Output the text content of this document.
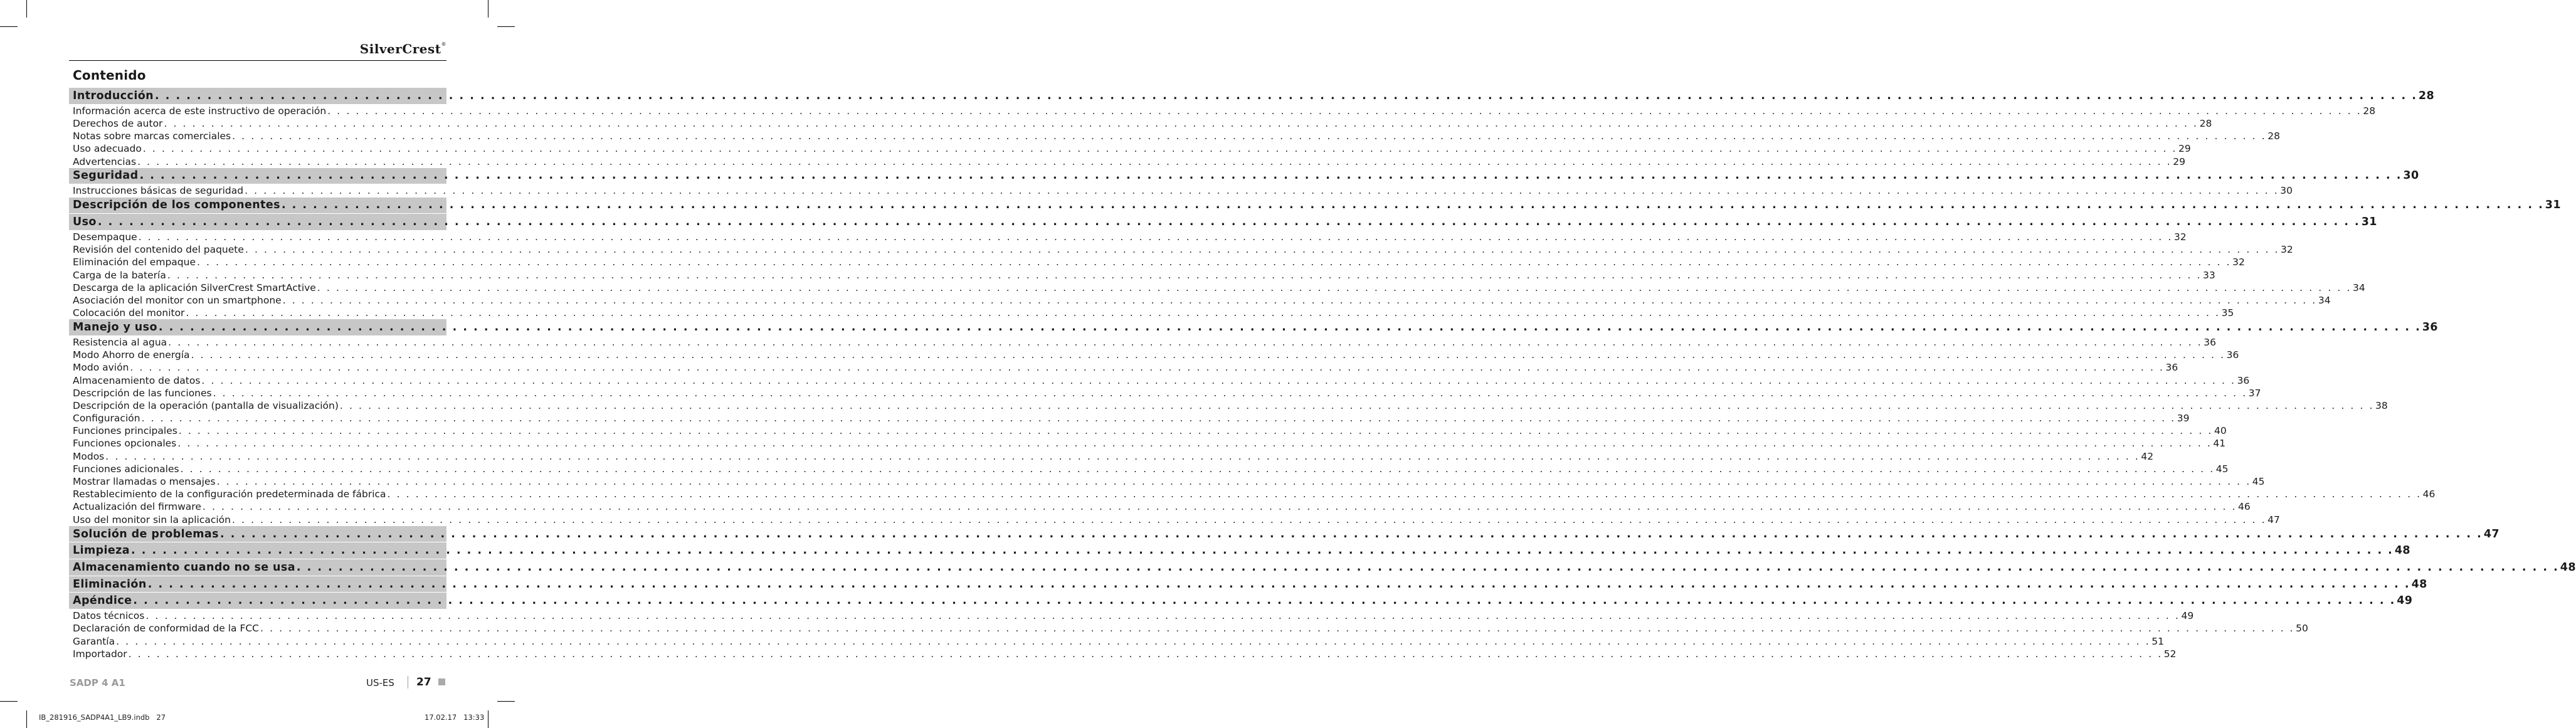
SilverCrest®
Contenido
Introducción . . . . . . . . . . . . . . . . . . . . . . . . . . . . . . . . . . . . . . . . . . . . . . . . . . . . . . . . . . . . . . . . . . . . . . . . . . . . . . . . . . . . . . . . . . . . . . . . . . . . . . . . . . . . . . . . . . . . . . . . . . . . . . . . . . . . . . . . . . . . . . . . . . . . . . . . . . . . . . . . . . . . . . . . . . . . . . . . . . . . . . . . . . . . . . . . . . . . . . . . . . . . . . . . . . . . . . . . 28
Información acerca de este instructivo de operación . . . . . . . . . . . . . . . . . . . . . . . . . . . . . . . . . . . . . . . . . . . . . . . . . . . . . . . . . . . . . . . . . . . . . . . . . . . . . . . . . . . . . . . . . . . . . . . . . . . . . . . . . . . . . . . . . . . . . . . . . . . . . . . . . . . . . . . . . . . . . . . . . . . . . . . . . . . . . . . . . . . . . . . . . . . . . . . . . . . . . . . . . . . . . . . . . . . . . . . . . . . . . . . . . . . . . . . . 28
Derechos de autor . . . . . . . . . . . . . . . . . . . . . . . . . . . . . . . . . . . . . . . . . . . . . . . . . . . . . . . . . . . . . . . . . . . . . . . . . . . . . . . . . . . . . . . . . . . . . . . . . . . . . . . . . . . . . . . . . . . . . . . . . . . . . . . . . . . . . . . . . . . . . . . . . . . . . . . . . . . . . . . . . . . . . . . . . . . . . . . . . . . . . . . . . . . . . . . . . . . . . . . . . . . . . . . . . . . . . . . . 28
Notas sobre marcas comerciales . . . . . . . . . . . . . . . . . . . . . . . . . . . . . . . . . . . . . . . . . . . . . . . . . . . . . . . . . . . . . . . . . . . . . . . . . . . . . . . . . . . . . . . . . . . . . . . . . . . . . . . . . . . . . . . . . . . . . . . . . . . . . . . . . . . . . . . . . . . . . . . . . . . . . . . . . . . . . . . . . . . . . . . . . . . . . . . . . . . . . . . . . . . . . . . . . . . . . . . . . . . . . . . . . . . . . . . . 28
Uso adecuado . . . . . . . . . . . . . . . . . . . . . . . . . . . . . . . . . . . . . . . . . . . . . . . . . . . . . . . . . . . . . . . . . . . . . . . . . . . . . . . . . . . . . . . . . . . . . . . . . . . . . . . . . . . . . . . . . . . . . . . . . . . . . . . . . . . . . . . . . . . . . . . . . . . . . . . . . . . . . . . . . . . . . . . . . . . . . . . . . . . . . . . . . . . . . . . . . . . . . . . . . . . . . . . . . . . . . . . . 29
Advertencias . . . . . . . . . . . . . . . . . . . . . . . . . . . . . . . . . . . . . . . . . . . . . . . . . . . . . . . . . . . . . . . . . . . . . . . . . . . . . . . . . . . . . . . . . . . . . . . . . . . . . . . . . . . . . . . . . . . . . . . . . . . . . . . . . . . . . . . . . . . . . . . . . . . . . . . . . . . . . . . . . . . . . . . . . . . . . . . . . . . . . . . . . . . . . . . . . . . . . . . . . . . . . . . . . . . . . . . . 29
Seguridad . . . . . . . . . . . . . . . . . . . . . . . . . . . . . . . . . . . . . . . . . . . . . . . . . . . . . . . . . . . . . . . . . . . . . . . . . . . . . . . . . . . . . . . . . . . . . . . . . . . . . . . . . . . . . . . . . . . . . . . . . . . . . . . . . . . . . . . . . . . . . . . . . . . . . . . . . . . . . . . . . . . . . . . . . . . . . . . . . . . . . . . . . . . . . . . . . . . . . . . . . . . . . . . . . . . . . . . . 30
Instrucciones básicas de seguridad . . . . . . . . . . . . . . . . . . . . . . . . . . . . . . . . . . . . . . . . . . . . . . . . . . . . . . . . . . . . . . . . . . . . . . . . . . . . . . . . . . . . . . . . . . . . . . . . . . . . . . . . . . . . . . . . . . . . . . . . . . . . . . . . . . . . . . . . . . . . . . . . . . . . . . . . . . . . . . . . . . . . . . . . . . . . . . . . . . . . . . . . . . . . . . . . . . . . . . . . . . . . . . . . . . . . . . . . 30
Descripción de los componentes . . . . . . . . . . . . . . . . . . . . . . . . . . . . . . . . . . . . . . . . . . . . . . . . . . . . . . . . . . . . . . . . . . . . . . . . . . . . . . . . . . . . . . . . . . . . . . . . . . . . . . . . . . . . . . . . . . . . . . . . . . . . . . . . . . . . . . . . . . . . . . . . . . . . . . . . . . . . . . . . . . . . . . . . . . . . . . . . . . . . . . . . . . . . . . . . . . . . . . . . . . . . . . . . . . . . . . . . 31
Uso . . . . . . . . . . . . . . . . . . . . . . . . . . . . . . . . . . . . . . . . . . . . . . . . . . . . . . . . . . . . . . . . . . . . . . . . . . . . . . . . . . . . . . . . . . . . . . . . . . . . . . . . . . . . . . . . . . . . . . . . . . . . . . . . . . . . . . . . . . . . . . . . . . . . . . . . . . . . . . . . . . . . . . . . . . . . . . . . . . . . . . . . . . . . . . . . . . . . . . . . . . . . . . . . . . . . . . . . 31
Desempaque . . . . . . . . . . . . . . . . . . . . . . . . . . . . . . . . . . . . . . . . . . . . . . . . . . . . . . . . . . . . . . . . . . . . . . . . . . . . . . . . . . . . . . . . . . . . . . . . . . . . . . . . . . . . . . . . . . . . . . . . . . . . . . . . . . . . . . . . . . . . . . . . . . . . . . . . . . . . . . . . . . . . . . . . . . . . . . . . . . . . . . . . . . . . . . . . . . . . . . . . . . . . . . . . . . . . . . . . 32
Revisión del contenido del paquete . . . . . . . . . . . . . . . . . . . . . . . . . . . . . . . . . . . . . . . . . . . . . . . . . . . . . . . . . . . . . . . . . . . . . . . . . . . . . . . . . . . . . . . . . . . . . . . . . . . . . . . . . . . . . . . . . . . . . . . . . . . . . . . . . . . . . . . . . . . . . . . . . . . . . . . . . . . . . . . . . . . . . . . . . . . . . . . . . . . . . . . . . . . . . . . . . . . . . . . . . . . . . . . . . . . . . . . . 32
Eliminación del empaque . . . . . . . . . . . . . . . . . . . . . . . . . . . . . . . . . . . . . . . . . . . . . . . . . . . . . . . . . . . . . . . . . . . . . . . . . . . . . . . . . . . . . . . . . . . . . . . . . . . . . . . . . . . . . . . . . . . . . . . . . . . . . . . . . . . . . . . . . . . . . . . . . . . . . . . . . . . . . . . . . . . . . . . . . . . . . . . . . . . . . . . . . . . . . . . . . . . . . . . . . . . . . . . . . . . . . . . . 32
Carga de la batería . . . . . . . . . . . . . . . . . . . . . . . . . . . . . . . . . . . . . . . . . . . . . . . . . . . . . . . . . . . . . . . . . . . . . . . . . . . . . . . . . . . . . . . . . . . . . . . . . . . . . . . . . . . . . . . . . . . . . . . . . . . . . . . . . . . . . . . . . . . . . . . . . . . . . . . . . . . . . . . . . . . . . . . . . . . . . . . . . . . . . . . . . . . . . . . . . . . . . . . . . . . . . . . . . . . . . . . . 33
Descarga de la aplicación SilverCrest SmartActive . . . . . . . . . . . . . . . . . . . . . . . . . . . . . . . . . . . . . . . . . . . . . . . . . . . . . . . . . . . . . . . . . . . . . . . . . . . . . . . . . . . . . . . . . . . . . . . . . . . . . . . . . . . . . . . . . . . . . . . . . . . . . . . . . . . . . . . . . . . . . . . . . . . . . . . . . . . . . . . . . . . . . . . . . . . . . . . . . . . . . . . . . . . . . . . . . . . . . . . . . . . . . . . . . . . . . . . . 34
Asociación del monitor con un smartphone . . . . . . . . . . . . . . . . . . . . . . . . . . . . . . . . . . . . . . . . . . . . . . . . . . . . . . . . . . . . . . . . . . . . . . . . . . . . . . . . . . . . . . . . . . . . . . . . . . . . . . . . . . . . . . . . . . . . . . . . . . . . . . . . . . . . . . . . . . . . . . . . . . . . . . . . . . . . . . . . . . . . . . . . . . . . . . . . . . . . . . . . . . . . . . . . . . . . . . . . . . . . . . . . . . . . . . . . 34
Colocación del monitor . . . . . . . . . . . . . . . . . . . . . . . . . . . . . . . . . . . . . . . . . . . . . . . . . . . . . . . . . . . . . . . . . . . . . . . . . . . . . . . . . . . . . . . . . . . . . . . . . . . . . . . . . . . . . . . . . . . . . . . . . . . . . . . . . . . . . . . . . . . . . . . . . . . . . . . . . . . . . . . . . . . . . . . . . . . . . . . . . . . . . . . . . . . . . . . . . . . . . . . . . . . . . . . . . . . . . . . . 35
Manejo y uso . . . . . . . . . . . . . . . . . . . . . . . . . . . . . . . . . . . . . . . . . . . . . . . . . . . . . . . . . . . . . . . . . . . . . . . . . . . . . . . . . . . . . . . . . . . . . . . . . . . . . . . . . . . . . . . . . . . . . . . . . . . . . . . . . . . . . . . . . . . . . . . . . . . . . . . . . . . . . . . . . . . . . . . . . . . . . . . . . . . . . . . . . . . . . . . . . . . . . . . . . . . . . . . . . . . . . . . . 36
Resistencia al agua . . . . . . . . . . . . . . . . . . . . . . . . . . . . . . . . . . . . . . . . . . . . . . . . . . . . . . . . . . . . . . . . . . . . . . . . . . . . . . . . . . . . . . . . . . . . . . . . . . . . . . . . . . . . . . . . . . . . . . . . . . . . . . . . . . . . . . . . . . . . . . . . . . . . . . . . . . . . . . . . . . . . . . . . . . . . . . . . . . . . . . . . . . . . . . . . . . . . . . . . . . . . . . . . . . . . . . . . 36
Modo Ahorro de energía . . . . . . . . . . . . . . . . . . . . . . . . . . . . . . . . . . . . . . . . . . . . . . . . . . . . . . . . . . . . . . . . . . . . . . . . . . . . . . . . . . . . . . . . . . . . . . . . . . . . . . . . . . . . . . . . . . . . . . . . . . . . . . . . . . . . . . . . . . . . . . . . . . . . . . . . . . . . . . . . . . . . . . . . . . . . . . . . . . . . . . . . . . . . . . . . . . . . . . . . . . . . . . . . . . . . . . . . 36
Modo avión . . . . . . . . . . . . . . . . . . . . . . . . . . . . . . . . . . . . . . . . . . . . . . . . . . . . . . . . . . . . . . . . . . . . . . . . . . . . . . . . . . . . . . . . . . . . . . . . . . . . . . . . . . . . . . . . . . . . . . . . . . . . . . . . . . . . . . . . . . . . . . . . . . . . . . . . . . . . . . . . . . . . . . . . . . . . . . . . . . . . . . . . . . . . . . . . . . . . . . . . . . . . . . . . . . . . . . . . 36
Almacenamiento de datos . . . . . . . . . . . . . . . . . . . . . . . . . . . . . . . . . . . . . . . . . . . . . . . . . . . . . . . . . . . . . . . . . . . . . . . . . . . . . . . . . . . . . . . . . . . . . . . . . . . . . . . . . . . . . . . . . . . . . . . . . . . . . . . . . . . . . . . . . . . . . . . . . . . . . . . . . . . . . . . . . . . . . . . . . . . . . . . . . . . . . . . . . . . . . . . . . . . . . . . . . . . . . . . . . . . . . . . . 36
Descripción de las funciones . . . . . . . . . . . . . . . . . . . . . . . . . . . . . . . . . . . . . . . . . . . . . . . . . . . . . . . . . . . . . . . . . . . . . . . . . . . . . . . . . . . . . . . . . . . . . . . . . . . . . . . . . . . . . . . . . . . . . . . . . . . . . . . . . . . . . . . . . . . . . . . . . . . . . . . . . . . . . . . . . . . . . . . . . . . . . . . . . . . . . . . . . . . . . . . . . . . . . . . . . . . . . . . . . . . . . . . . 37
Descripción de la operación (pantalla de visualización) . . . . . . . . . . . . . . . . . . . . . . . . . . . . . . . . . . . . . . . . . . . . . . . . . . . . . . . . . . . . . . . . . . . . . . . . . . . . . . . . . . . . . . . . . . . . . . . . . . . . . . . . . . . . . . . . . . . . . . . . . . . . . . . . . . . . . . . . . . . . . . . . . . . . . . . . . . . . . . . . . . . . . . . . . . . . . . . . . . . . . . . . . . . . . . . . . . . . . . . . . . . . . . . . . . . . . . . . 38
Configuración . . . . . . . . . . . . . . . . . . . . . . . . . . . . . . . . . . . . . . . . . . . . . . . . . . . . . . . . . . . . . . . . . . . . . . . . . . . . . . . . . . . . . . . . . . . . . . . . . . . . . . . . . . . . . . . . . . . . . . . . . . . . . . . . . . . . . . . . . . . . . . . . . . . . . . . . . . . . . . . . . . . . . . . . . . . . . . . . . . . . . . . . . . . . . . . . . . . . . . . . . . . . . . . . . . . . . . . . 39
Funciones principales . . . . . . . . . . . . . . . . . . . . . . . . . . . . . . . . . . . . . . . . . . . . . . . . . . . . . . . . . . . . . . . . . . . . . . . . . . . . . . . . . . . . . . . . . . . . . . . . . . . . . . . . . . . . . . . . . . . . . . . . . . . . . . . . . . . . . . . . . . . . . . . . . . . . . . . . . . . . . . . . . . . . . . . . . . . . . . . . . . . . . . . . . . . . . . . . . . . . . . . . . . . . . . . . . . . . . . . . 40
Funciones opcionales . . . . . . . . . . . . . . . . . . . . . . . . . . . . . . . . . . . . . . . . . . . . . . . . . . . . . . . . . . . . . . . . . . . . . . . . . . . . . . . . . . . . . . . . . . . . . . . . . . . . . . . . . . . . . . . . . . . . . . . . . . . . . . . . . . . . . . . . . . . . . . . . . . . . . . . . . . . . . . . . . . . . . . . . . . . . . . . . . . . . . . . . . . . . . . . . . . . . . . . . . . . . . . . . . . . . . . . . 41
Modos . . . . . . . . . . . . . . . . . . . . . . . . . . . . . . . . . . . . . . . . . . . . . . . . . . . . . . . . . . . . . . . . . . . . . . . . . . . . . . . . . . . . . . . . . . . . . . . . . . . . . . . . . . . . . . . . . . . . . . . . . . . . . . . . . . . . . . . . . . . . . . . . . . . . . . . . . . . . . . . . . . . . . . . . . . . . . . . . . . . . . . . . . . . . . . . . . . . . . . . . . . . . . . . . . . . . . . . . 42
Funciones adicionales . . . . . . . . . . . . . . . . . . . . . . . . . . . . . . . . . . . . . . . . . . . . . . . . . . . . . . . . . . . . . . . . . . . . . . . . . . . . . . . . . . . . . . . . . . . . . . . . . . . . . . . . . . . . . . . . . . . . . . . . . . . . . . . . . . . . . . . . . . . . . . . . . . . . . . . . . . . . . . . . . . . . . . . . . . . . . . . . . . . . . . . . . . . . . . . . . . . . . . . . . . . . . . . . . . . . . . . . 45
Mostrar llamadas o mensajes . . . . . . . . . . . . . . . . . . . . . . . . . . . . . . . . . . . . . . . . . . . . . . . . . . . . . . . . . . . . . . . . . . . . . . . . . . . . . . . . . . . . . . . . . . . . . . . . . . . . . . . . . . . . . . . . . . . . . . . . . . . . . . . . . . . . . . . . . . . . . . . . . . . . . . . . . . . . . . . . . . . . . . . . . . . . . . . . . . . . . . . . . . . . . . . . . . . . . . . . . . . . . . . . . . . . . . . . 45
Restablecimiento de la configuración predeterminada de fábrica . . . . . . . . . . . . . . . . . . . . . . . . . . . . . . . . . . . . . . . . . . . . . . . . . . . . . . . . . . . . . . . . . . . . . . . . . . . . . . . . . . . . . . . . . . . . . . . . . . . . . . . . . . . . . . . . . . . . . . . . . . . . . . . . . . . . . . . . . . . . . . . . . . . . . . . . . . . . . . . . . . . . . . . . . . . . . . . . . . . . . . . . . . . . . . . . . . . . . . . . . . . . . . . . . . . . . . . . 46
Actualización del firmware . . . . . . . . . . . . . . . . . . . . . . . . . . . . . . . . . . . . . . . . . . . . . . . . . . . . . . . . . . . . . . . . . . . . . . . . . . . . . . . . . . . . . . . . . . . . . . . . . . . . . . . . . . . . . . . . . . . . . . . . . . . . . . . . . . . . . . . . . . . . . . . . . . . . . . . . . . . . . . . . . . . . . . . . . . . . . . . . . . . . . . . . . . . . . . . . . . . . . . . . . . . . . . . . . . . . . . . . 46
Uso del monitor sin la aplicación . . . . . . . . . . . . . . . . . . . . . . . . . . . . . . . . . . . . . . . . . . . . . . . . . . . . . . . . . . . . . . . . . . . . . . . . . . . . . . . . . . . . . . . . . . . . . . . . . . . . . . . . . . . . . . . . . . . . . . . . . . . . . . . . . . . . . . . . . . . . . . . . . . . . . . . . . . . . . . . . . . . . . . . . . . . . . . . . . . . . . . . . . . . . . . . . . . . . . . . . . . . . . . . . . . . . . . . . 47
Solución de problemas . . . . . . . . . . . . . . . . . . . . . . . . . . . . . . . . . . . . . . . . . . . . . . . . . . . . . . . . . . . . . . . . . . . . . . . . . . . . . . . . . . . . . . . . . . . . . . . . . . . . . . . . . . . . . . . . . . . . . . . . . . . . . . . . . . . . . . . . . . . . . . . . . . . . . . . . . . . . . . . . . . . . . . . . . . . . . . . . . . . . . . . . . . . . . . . . . . . . . . . . . . . . . . . . . . . . . . . . 47
Limpieza . . . . . . . . . . . . . . . . . . . . . . . . . . . . . . . . . . . . . . . . . . . . . . . . . . . . . . . . . . . . . . . . . . . . . . . . . . . . . . . . . . . . . . . . . . . . . . . . . . . . . . . . . . . . . . . . . . . . . . . . . . . . . . . . . . . . . . . . . . . . . . . . . . . . . . . . . . . . . . . . . . . . . . . . . . . . . . . . . . . . . . . . . . . . . . . . . . . . . . . . . . . . . . . . . . . . . . . . 48
Almacenamiento cuando no se usa . . . . . . . . . . . . . . . . . . . . . . . . . . . . . . . . . . . . . . . . . . . . . . . . . . . . . . . . . . . . . . . . . . . . . . . . . . . . . . . . . . . . . . . . . . . . . . . . . . . . . . . . . . . . . . . . . . . . . . . . . . . . . . . . . . . . . . . . . . . . . . . . . . . . . . . . . . . . . . . . . . . . . . . . . . . . . . . . . . . . . . . . . . . . . . . . . . . . . . . . . . . . . . . . . . . . . . . . 48
Eliminación . . . . . . . . . . . . . . . . . . . . . . . . . . . . . . . . . . . . . . . . . . . . . . . . . . . . . . . . . . . . . . . . . . . . . . . . . . . . . . . . . . . . . . . . . . . . . . . . . . . . . . . . . . . . . . . . . . . . . . . . . . . . . . . . . . . . . . . . . . . . . . . . . . . . . . . . . . . . . . . . . . . . . . . . . . . . . . . . . . . . . . . . . . . . . . . . . . . . . . . . . . . . . . . . . . . . . . . . 48
Apéndice . . . . . . . . . . . . . . . . . . . . . . . . . . . . . . . . . . . . . . . . . . . . . . . . . . . . . . . . . . . . . . . . . . . . . . . . . . . . . . . . . . . . . . . . . . . . . . . . . . . . . . . . . . . . . . . . . . . . . . . . . . . . . . . . . . . . . . . . . . . . . . . . . . . . . . . . . . . . . . . . . . . . . . . . . . . . . . . . . . . . . . . . . . . . . . . . . . . . . . . . . . . . . . . . . . . . . . . . 49
Datos técnicos . . . . . . . . . . . . . . . . . . . . . . . . . . . . . . . . . . . . . . . . . . . . . . . . . . . . . . . . . . . . . . . . . . . . . . . . . . . . . . . . . . . . . . . . . . . . . . . . . . . . . . . . . . . . . . . . . . . . . . . . . . . . . . . . . . . . . . . . . . . . . . . . . . . . . . . . . . . . . . . . . . . . . . . . . . . . . . . . . . . . . . . . . . . . . . . . . . . . . . . . . . . . . . . . . . . . . . . . 49
Declaración de conformidad de la FCC . . . . . . . . . . . . . . . . . . . . . . . . . . . . . . . . . . . . . . . . . . . . . . . . . . . . . . . . . . . . . . . . . . . . . . . . . . . . . . . . . . . . . . . . . . . . . . . . . . . . . . . . . . . . . . . . . . . . . . . . . . . . . . . . . . . . . . . . . . . . . . . . . . . . . . . . . . . . . . . . . . . . . . . . . . . . . . . . . . . . . . . . . . . . . . . . . . . . . . . . . . . . . . . . . . . . . . . . 50
Garantía . . . . . . . . . . . . . . . . . . . . . . . . . . . . . . . . . . . . . . . . . . . . . . . . . . . . . . . . . . . . . . . . . . . . . . . . . . . . . . . . . . . . . . . . . . . . . . . . . . . . . . . . . . . . . . . . . . . . . . . . . . . . . . . . . . . . . . . . . . . . . . . . . . . . . . . . . . . . . . . . . . . . . . . . . . . . . . . . . . . . . . . . . . . . . . . . . . . . . . . . . . . . . . . . . . . . . . . . 51
Importador . . . . . . . . . . . . . . . . . . . . . . . . . . . . . . . . . . . . . . . . . . . . . . . . . . . . . . . . . . . . . . . . . . . . . . . . . . . . . . . . . . . . . . . . . . . . . . . . . . . . . . . . . . . . . . . . . . . . . . . . . . . . . . . . . . . . . . . . . . . . . . . . . . . . . . . . . . . . . . . . . . . . . . . . . . . . . . . . . . . . . . . . . . . . . . . . . . . . . . . . . . . . . . . . . . . . . . . . 52
SADP 4 A1	US-ES 27
IB_281916_SADP4A1_LB9.indb   27	17.02.17   13:33
